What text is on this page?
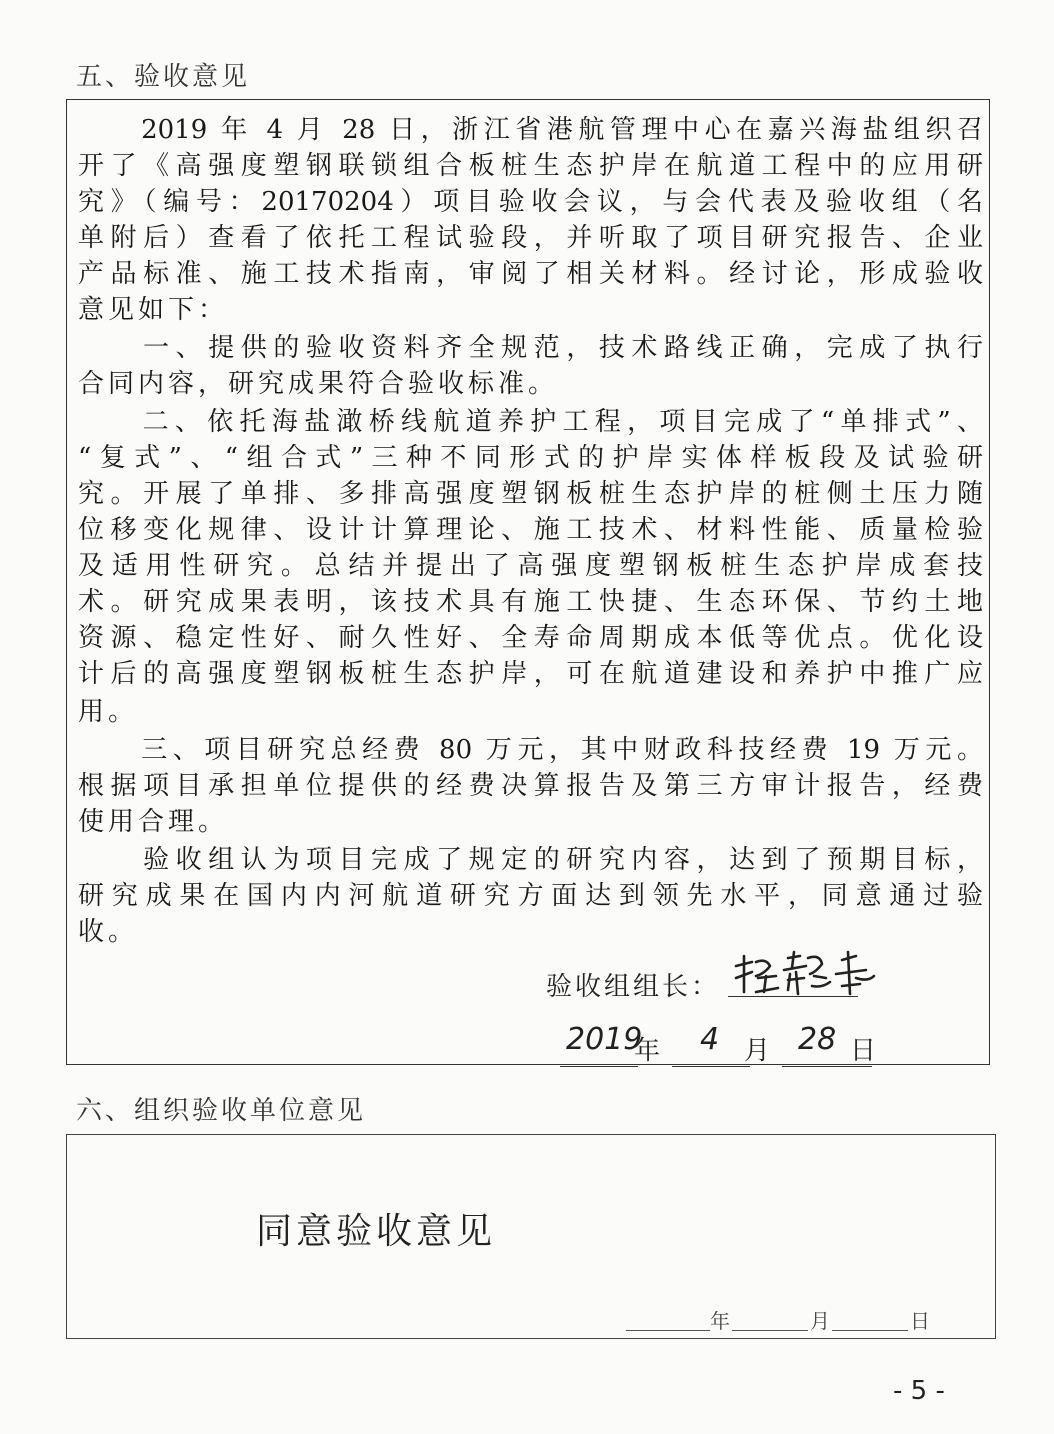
五、验收意见
　　2019 年 4 月 28 日，浙江省港航管理中心在嘉兴海盐组织召
开了《高强度塑钢联锁组合板桩生态护岸在航道工程中的应用研
究》（编号：20170204）项目验收会议，与会代表及验收组（名
单附后）查看了依托工程试验段，并听取了项目研究报告、企业
产品标准、施工技术指南，审阅了相关材料。经讨论，形成验收
意见如下：
　　一、提供的验收资料齐全规范，技术路线正确，完成了执行
合同内容，研究成果符合验收标准。
　　二、依托海盐澉桥线航道养护工程，项目完成了“单排式”、
“复式”、“组合式”三种不同形式的护岸实体样板段及试验研
究。开展了单排、多排高强度塑钢板桩生态护岸的桩侧土压力随
位移变化规律、设计计算理论、施工技术、材料性能、质量检验
及适用性研究。总结并提出了高强度塑钢板桩生态护岸成套技
术。研究成果表明，该技术具有施工快捷、生态环保、节约土地
资源、稳定性好、耐久性好、全寿命周期成本低等优点。优化设
计后的高强度塑钢板桩生态护岸，可在航道建设和养护中推广应
用。
　　三、项目研究总经费 80 万元，其中财政科技经费 19 万元。
根据项目承担单位提供的经费决算报告及第三方审计报告，经费
使用合理。
　　验收组认为项目完成了规定的研究内容，达到了预期目标，
研究成果在国内内河航道研究方面达到领先水平，同意通过验
收。
验收组组长：
2019
年 4 月 28 日
六、组织验收单位意见
同意验收意见
年	月	日
- 5 -
